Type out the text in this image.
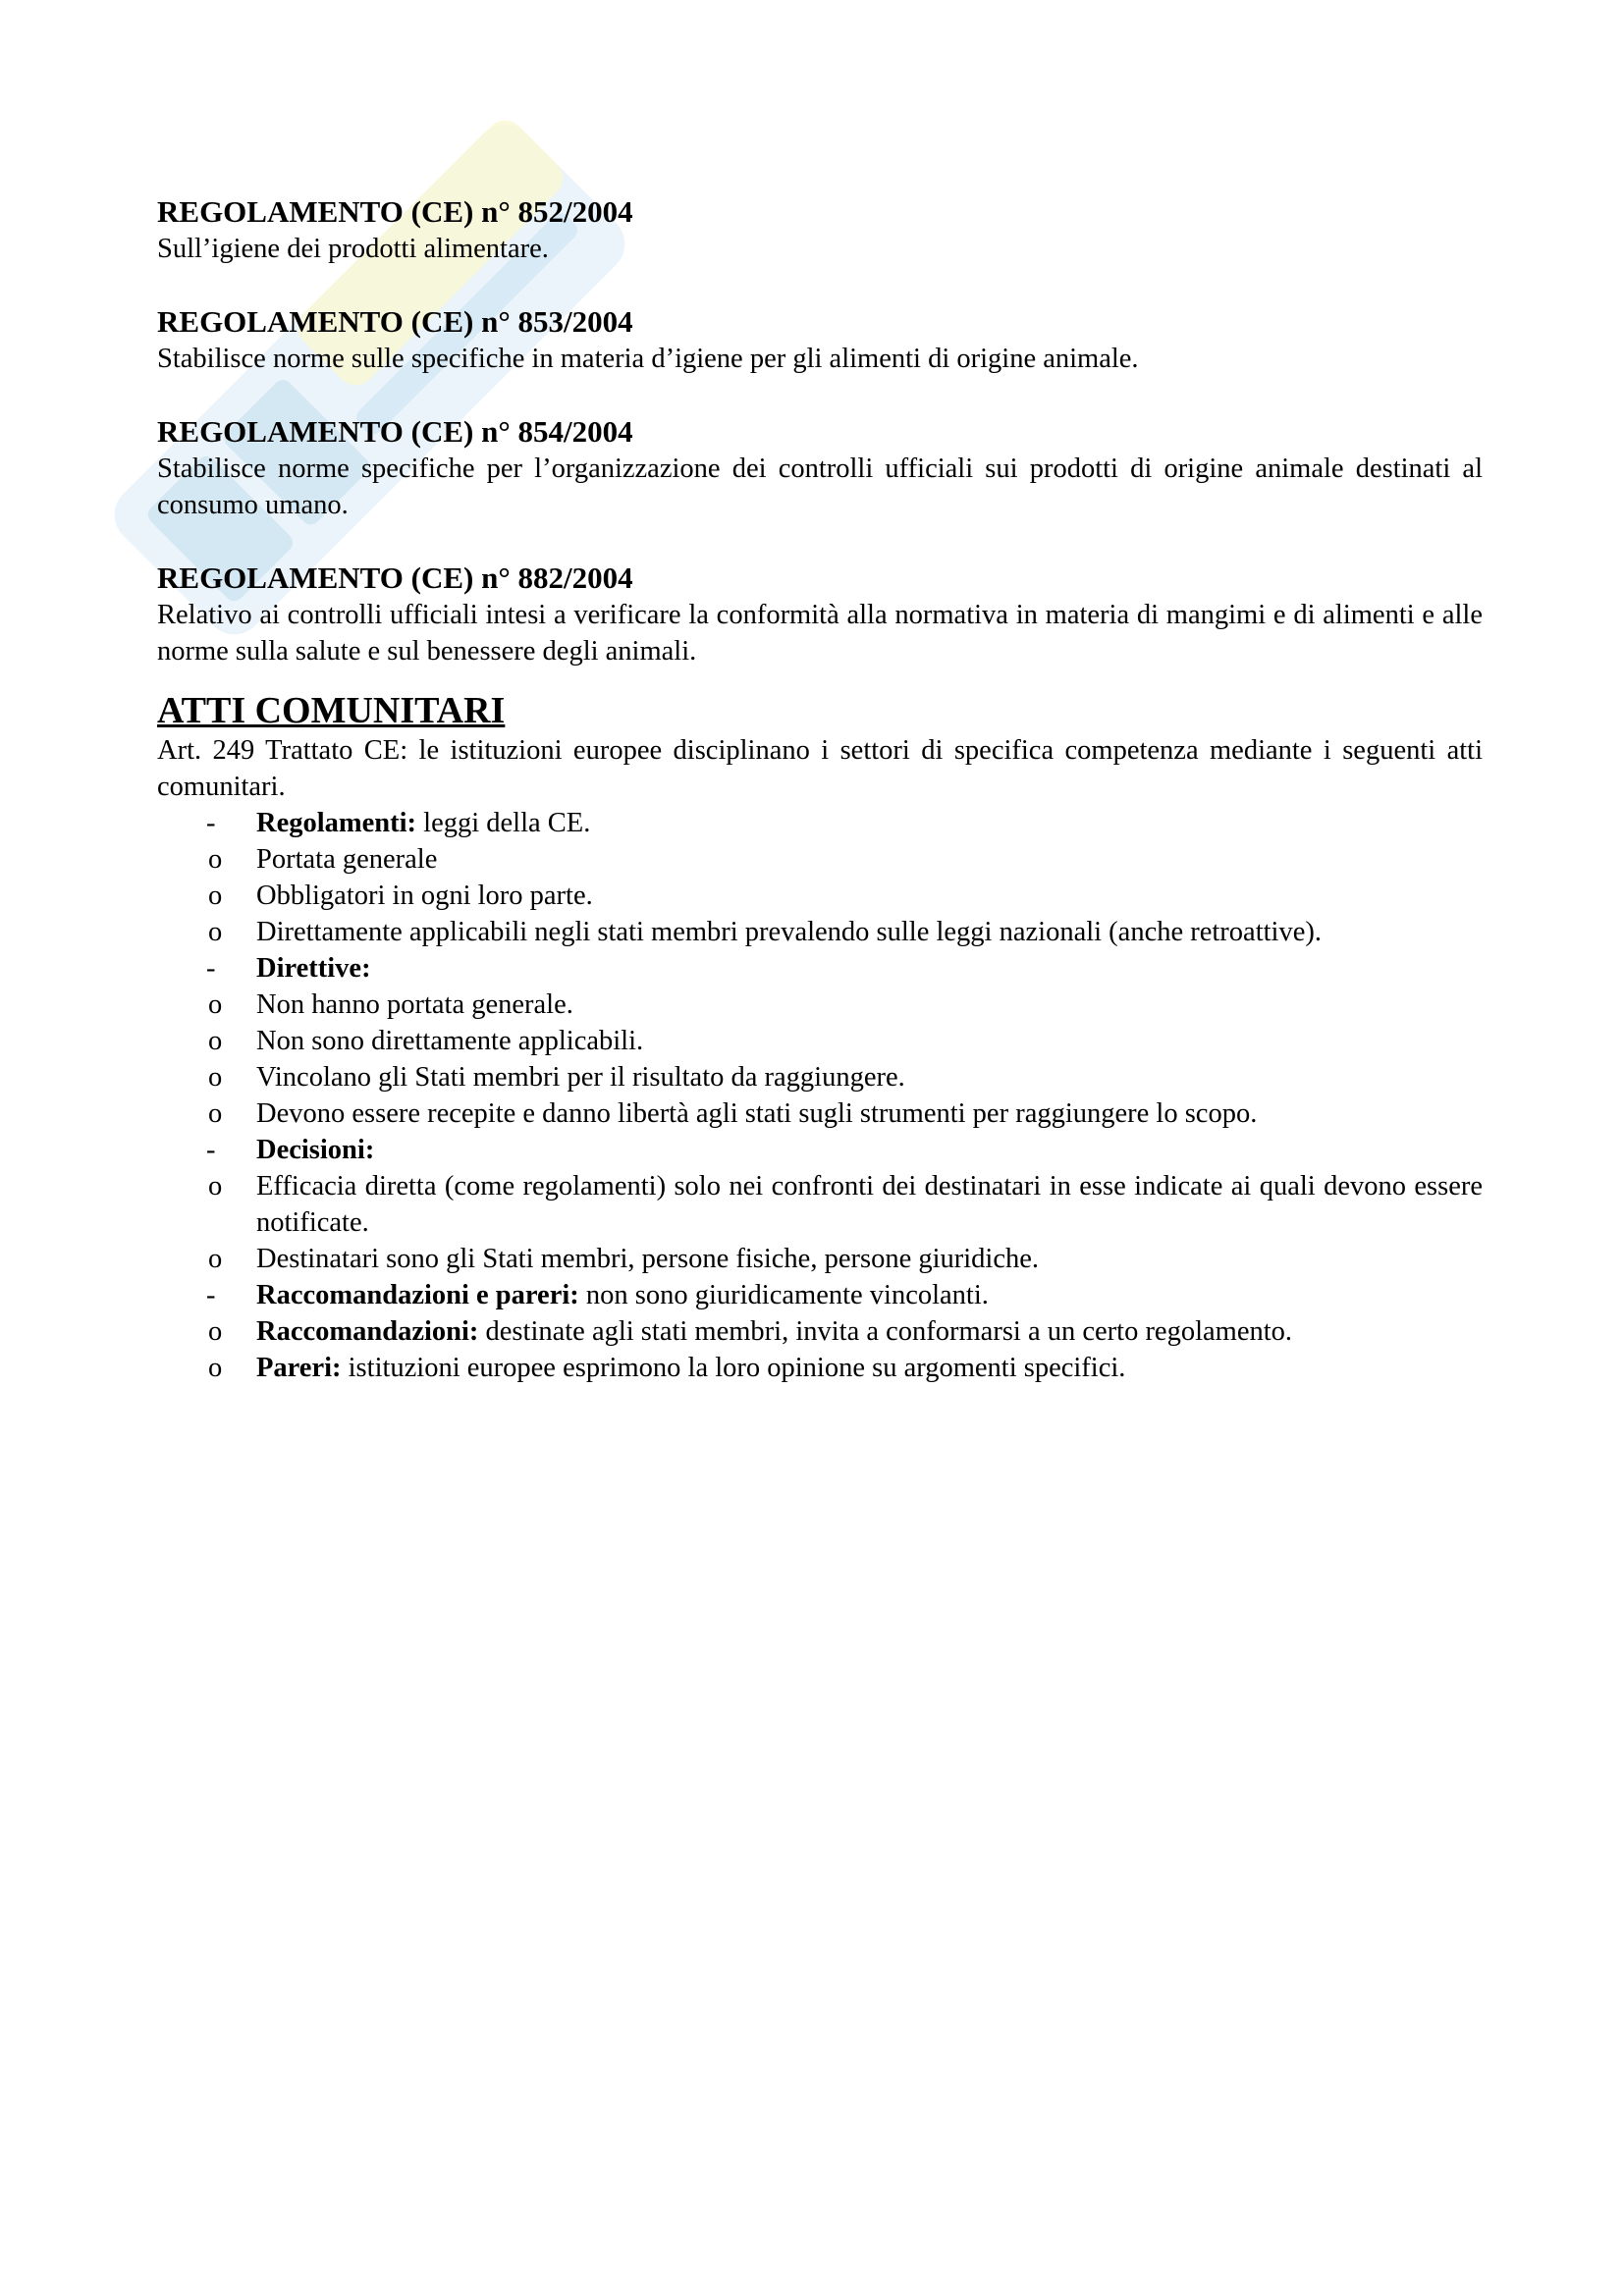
REGOLAMENTO (CE) n° 852/2004

Sull’igiene dei prodotti alimentare.

REGOLAMENTO (CE) n° 853/2004

Stabilisce norme sulle specifiche in materia d’igiene per gli alimenti di origine animale.

REGOLAMENTO (CE) n° 854/2004

Stabilisce norme specifiche per l’organizzazione dei controlli ufficiali sui prodotti di origine animale destinati al consumo umano.

REGOLAMENTO (CE) n° 882/2004

Relativo ai controlli ufficiali intesi a verificare la conformità alla normativa in materia di mangimi e di alimenti e alle norme sulla salute e sul benessere degli animali.

ATTI COMUNITARI

Art. 249 Trattato CE: le istituzioni europee disciplinano i settori di specifica competenza mediante i seguenti atti comunitari.

- Regolamenti: leggi della CE.
o Portata generale
o Obbligatori in ogni loro parte.
o Direttamente applicabili negli stati membri prevalendo sulle leggi nazionali (anche retroattive).
- Direttive:
o Non hanno portata generale.
o Non sono direttamente applicabili.
o Vincolano gli Stati membri per il risultato da raggiungere.
o Devono essere recepite e danno libertà agli stati sugli strumenti per raggiungere lo scopo.
- Decisioni:
o Efficacia diretta (come regolamenti) solo nei confronti dei destinatari in esse indicate ai quali devono essere notificate.
o Destinatari sono gli Stati membri, persone fisiche, persone giuridiche.
- Raccomandazioni e pareri: non sono giuridicamente vincolanti.
o Raccomandazioni: destinate agli stati membri, invita a conformarsi a un certo regolamento.
o Pareri: istituzioni europee esprimono la loro opinione su argomenti specifici.
